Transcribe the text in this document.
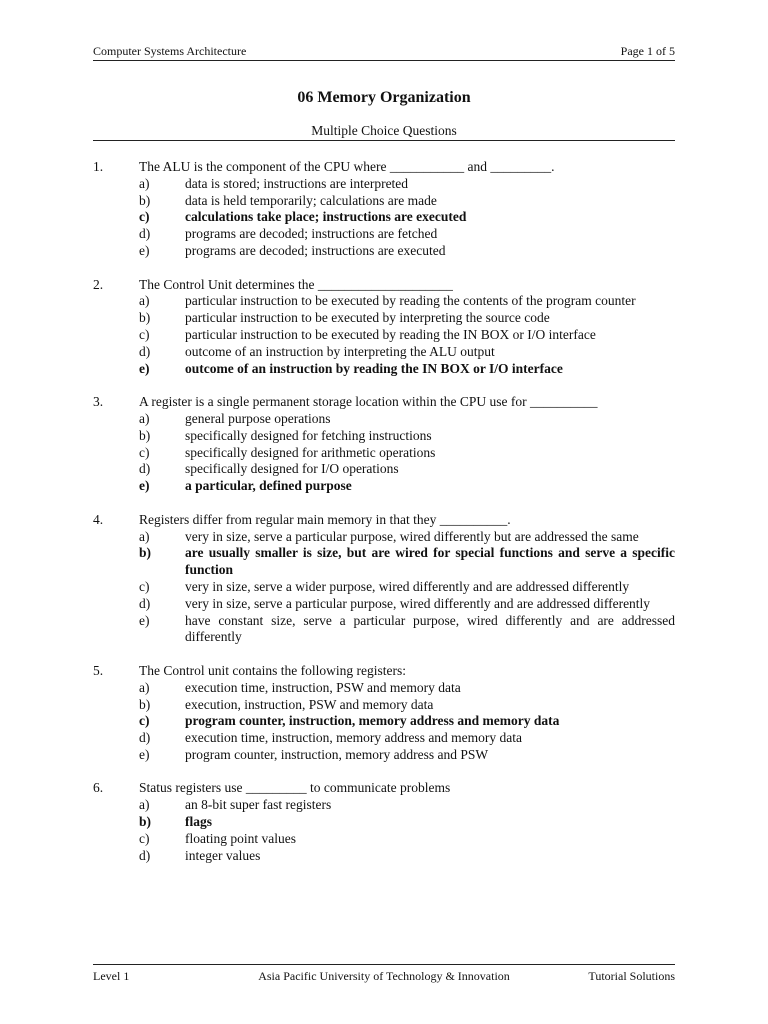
Computer Systems Architecture	Page 1 of 5
06 Memory Organization
Multiple Choice Questions
1.	The ALU is the component of the CPU where ___________ and _________.
a)	data is stored; instructions are interpreted
b)	data is held temporarily; calculations are made
c)	calculations take place; instructions are executed
d)	programs are decoded; instructions are fetched
e)	programs are decoded; instructions are executed
2.	The Control Unit determines the ____________________
a)	particular instruction to be executed by reading the contents of the program counter
b)	particular instruction to be executed by interpreting the source code
c)	particular instruction to be executed by reading the IN BOX or I/O interface
d)	outcome of an instruction by interpreting the ALU output
e)	outcome of an instruction by reading the IN BOX or I/O interface
3.	A register is a single permanent storage location within the CPU use for __________
a)	general purpose operations
b)	specifically designed for fetching instructions
c)	specifically designed for arithmetic operations
d)	specifically designed for I/O operations
e)	a particular, defined purpose
4.	Registers differ from regular main memory in that they __________.
a)	very in size, serve a particular purpose, wired differently but are addressed the same
b)	are usually smaller is size, but are wired for special functions and serve a specific function
c)	very in size, serve a wider purpose, wired differently and are addressed differently
d)	very in size, serve a particular purpose, wired differently and are addressed differently
e)	have constant size, serve a particular purpose, wired differently and are addressed differently
5.	The Control unit contains the following registers:
a)	execution time, instruction, PSW and memory data
b)	execution, instruction, PSW and memory data
c)	program counter, instruction, memory address and memory data
d)	execution time, instruction, memory address and memory data
e)	program counter, instruction, memory address and PSW
6.	Status registers use _________ to communicate problems
a)	an 8-bit super fast registers
b)	flags
c)	floating point values
d)	integer values
Level 1	Asia Pacific University of Technology & Innovation	Tutorial Solutions
